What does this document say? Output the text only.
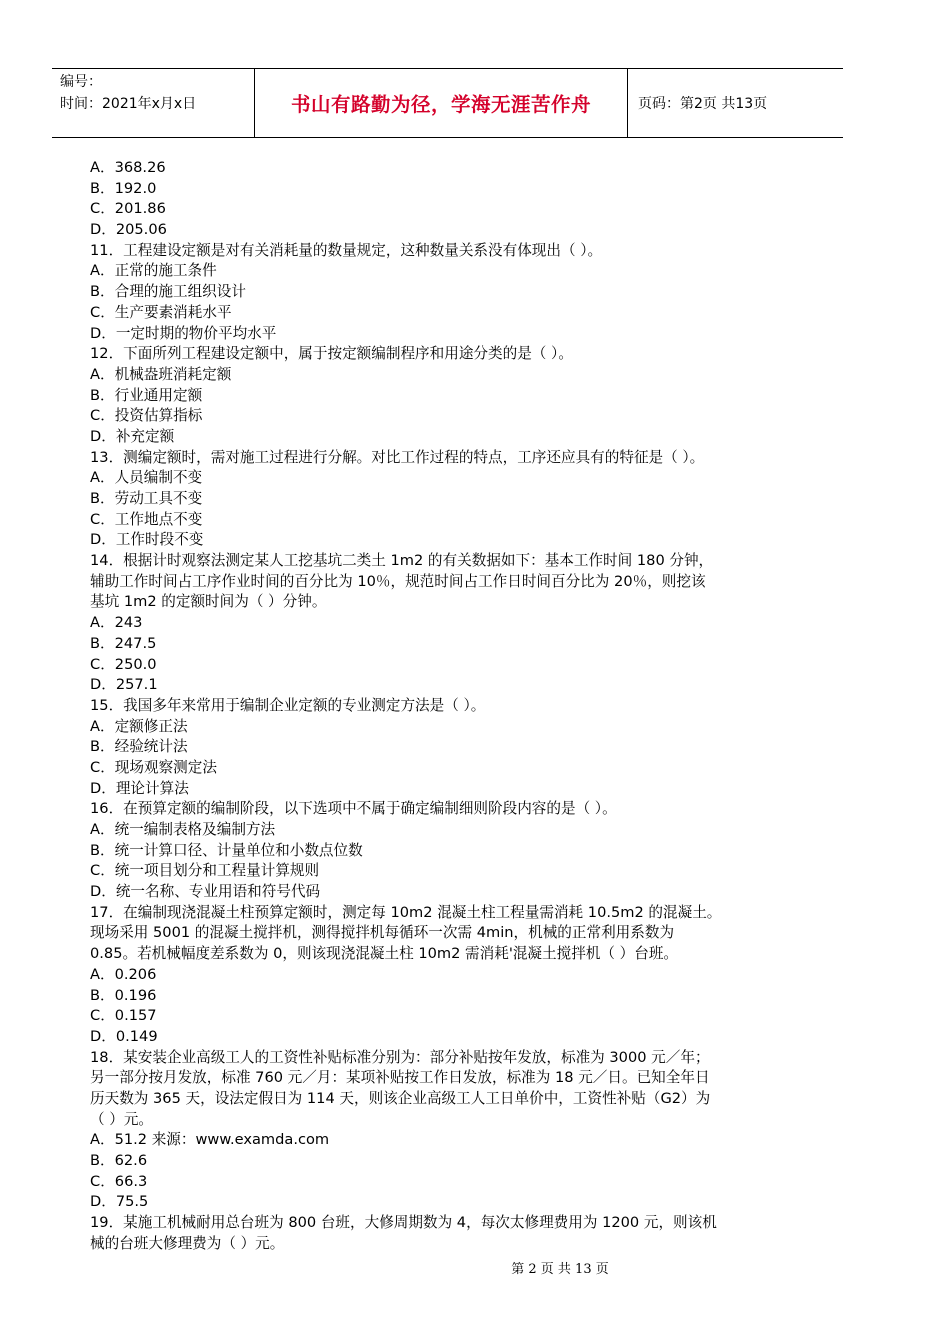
编号：
时间：2021年x月x日	书山有路勤为径，学海无涯苦作舟	页码：第2页 共13页
A．368.26
B．192.0
C．201.86
D．205.06
11．工程建设定额是对有关消耗量的数量规定，这种数量关系没有体现出（ ）。
A．正常的施工条件
B．合理的施工组织设计
C．生产要素消耗水平
D．一定时期的物价平均水平
12．下面所列工程建设定额中，属于按定额编制程序和用途分类的是（ ）。
A．机械盎班消耗定额
B．行业通用定额
C．投资估算指标
D．补充定额
13．测编定额时，需对施工过程进行分解。对比工作过程的特点，工序还应具有的特征是（ ）。
A．人员编制不变
B．劳动工具不变
C．工作地点不变
D．工作时段不变
14．根据计时观察法测定某人工挖基坑二类土 1m2 的有关数据如下：基本工作时间 180 分钟，
辅助工作时间占工序作业时间的百分比为 10％，规范时间占工作日时间百分比为 20％，则挖该
基坑 1m2 的定额时间为（ ）分钟。
A．243
B．247.5
C．250.0
D．257.1
15．我国多年来常用于编制企业定额的专业测定方法是（ ）。
A．定额修正法
B．经验统计法
C．现场观察测定法
D．理论计算法
16．在预算定额的编制阶段，以下选项中不属于确定编制细则阶段内容的是（ ）。
A．统一编制表格及编制方法
B．统一计算口径、计量单位和小数点位数
C．统一项目划分和工程量计算规则
D．统一名称、专业用语和符号代码
17．在编制现浇混凝土柱预算定额时，测定每 10m2 混凝土柱工程量需消耗 10.5m2 的混凝土。
现场采用 5001 的混凝土搅拌机，测得搅拌机每循环一次需 4min，机械的正常利用系数为
0.85。若机械幅度差系数为 0，则该现浇混凝土柱 10m2 需消耗'混凝土搅拌机（ ）台班。
A．0.206
B．0.196
C．0.157
D．0.149
18．某安装企业高级工人的工资性补贴标准分别为：部分补贴按年发放，标准为 3000 元／年；
另一部分按月发放，标准 760 元／月：某项补贴按工作日发放，标准为 18 元／日。已知全年日
历天数为 365 天，设法定假日为 114 天，则该企业高级工人工日单价中，工资性补贴（G2）为
（ ）元。
A．51.2 来源：www.examda.com
B．62.6
C．66.3
D．75.5
19．某施工机械耐用总台班为 800 台班，大修周期数为 4，每次太修理费用为 1200 元，则该机
械的台班大修理费为（ ）元。
第 2 页 共 13 页
